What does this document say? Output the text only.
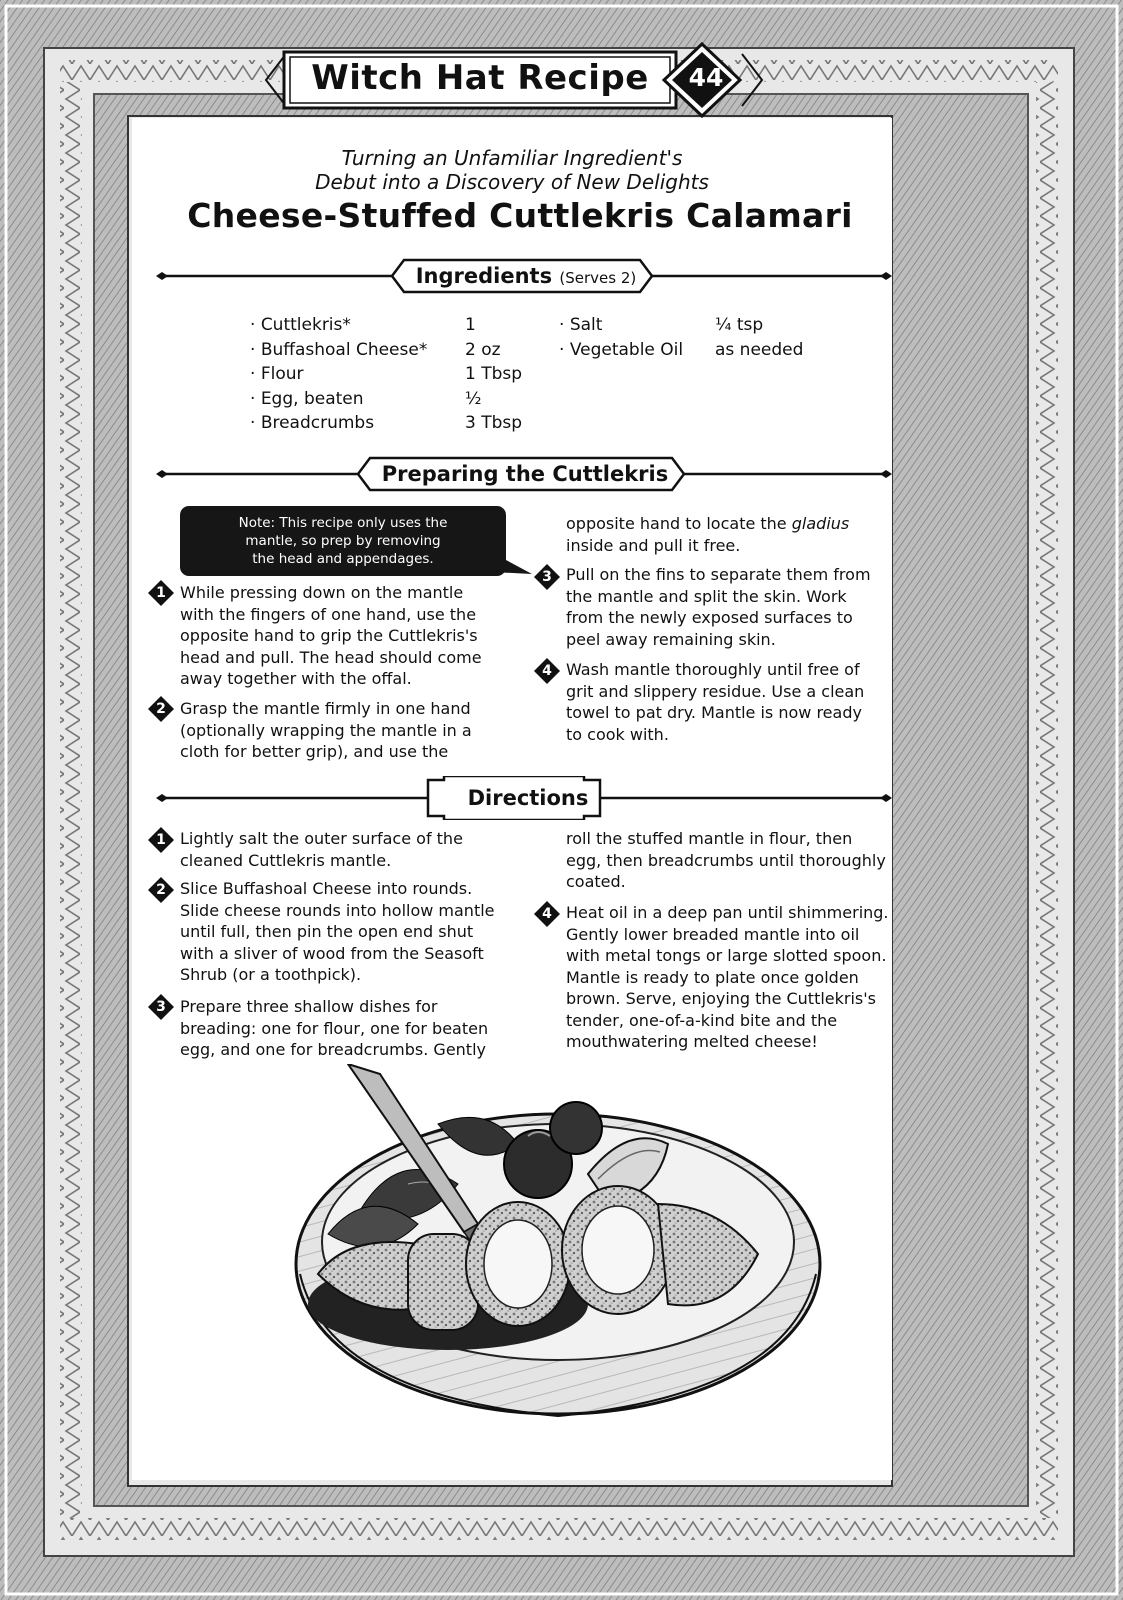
Witch Hat Recipe	44
Turning an Unfamiliar Ingredient's
Debut into a Discovery of New Delights
Cheese-Stuffed Cuttlekris Calamari
Ingredients (Serves 2)
· Cuttlekris*
· Buffashoal Cheese*
· Flour
· Egg, beaten
· Breadcrumbs
1
2 oz
1 Tbsp
½
3 Tbsp
· Salt
· Vegetable Oil
¼ tsp
as needed
Preparing the Cuttlekris
Note: This recipe only uses the
mantle, so prep by removing
the head and appendages.
1 While pressing down on the mantle
with the fingers of one hand, use the
opposite hand to grip the Cuttlekris's
head and pull. The head should come
away together with the offal.
2 Grasp the mantle firmly in one hand
(optionally wrapping the mantle in a
cloth for better grip), and use the
opposite hand to locate the gladius
inside and pull it free.
3 Pull on the fins to separate them from
the mantle and split the skin. Work
from the newly exposed surfaces to
peel away remaining skin.
4 Wash mantle thoroughly until free of
grit and slippery residue. Use a clean
towel to pat dry. Mantle is now ready
to cook with.
Directions
1 Lightly salt the outer surface of the
cleaned Cuttlekris mantle.
2 Slice Buffashoal Cheese into rounds.
Slide cheese rounds into hollow mantle
until full, then pin the open end shut
with a sliver of wood from the Seasoft
Shrub (or a toothpick).
3 Prepare three shallow dishes for
breading: one for flour, one for beaten
egg, and one for breadcrumbs. Gently
roll the stuffed mantle in flour, then
egg, then breadcrumbs until thoroughly
coated.
4 Heat oil in a deep pan until shimmering.
Gently lower breaded mantle into oil
with metal tongs or large slotted spoon.
Mantle is ready to plate once golden
brown. Serve, enjoying the Cuttlekris's
tender, one-of-a-kind bite and the
mouthwatering melted cheese!
